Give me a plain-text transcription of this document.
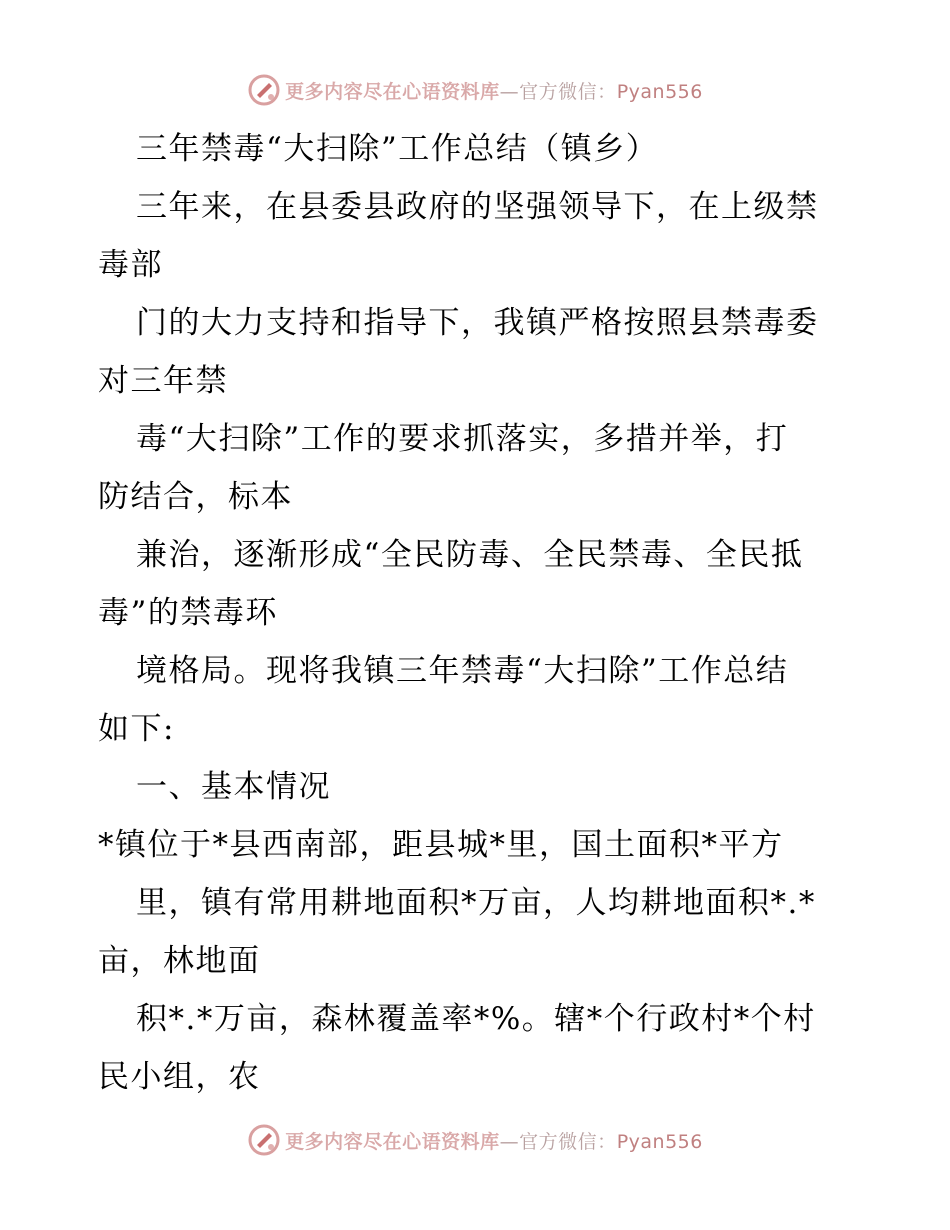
更多内容尽在心语资料库—官方微信：Pyan556
三年禁毒“大扫除”工作总结（镇乡）
三年来，在县委县政府的坚强领导下，在上级禁
毒部
门的大力支持和指导下，我镇严格按照县禁毒委
对三年禁
毒“大扫除”工作的要求抓落实，多措并举，打
防结合，标本
兼治，逐渐形成“全民防毒、全民禁毒、全民抵
毒”的禁毒环
境格局。现将我镇三年禁毒“大扫除”工作总结
如下:
一、基本情况
*镇位于*县西南部，距县城*里，国土面积*平方
里，镇有常用耕地面积*万亩，人均耕地面积*.*
亩，林地面
积*.*万亩，森林覆盖率*%。辖*个行政村*个村
民小组，农
更多内容尽在心语资料库—官方微信：Pyan556
